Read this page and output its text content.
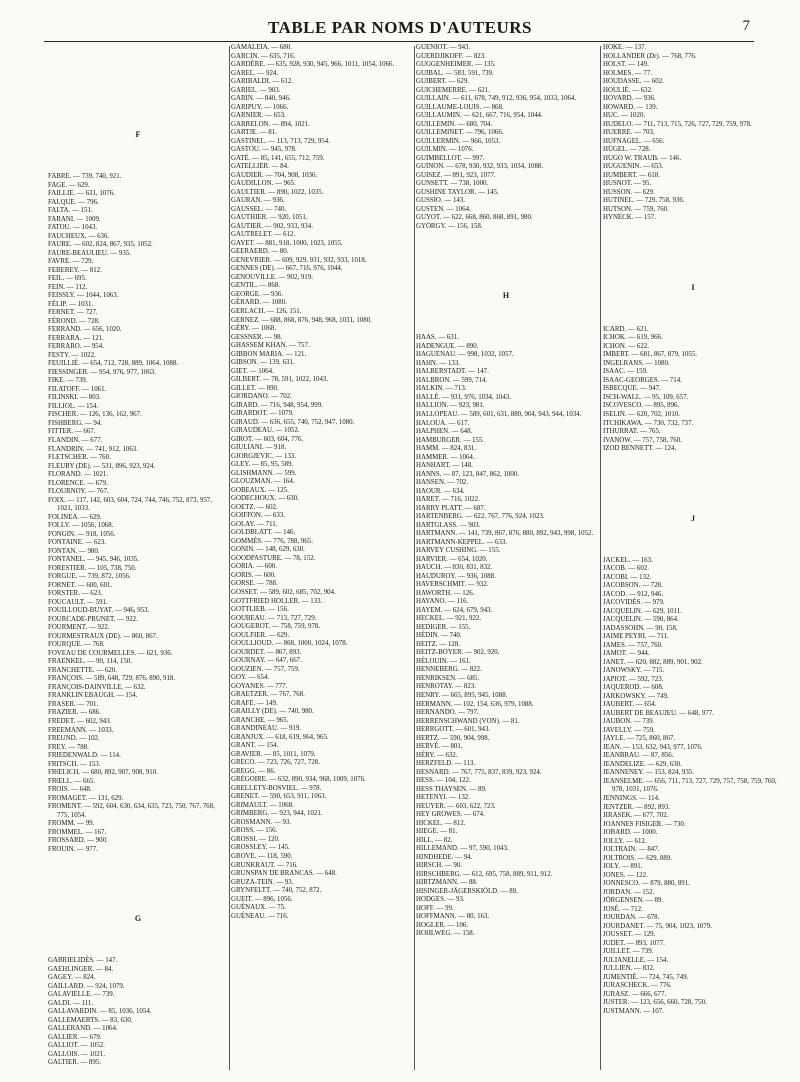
TABLE PAR NOMS D'AUTEURS	7
F
FABRE. — 739, 740, 921.
FAGE. — 629.
FAILLIE. — 631, 1076.
FALQUE. — 796.
FALTA. — 151.
FARANI. — 1009.
FATOU. — 1043.
FAUCHEUX. — 636.
FAURE. — 602, 824, 867, 935, 1052.
FAURE-BEAULIEU. — 935.
FAVRE. — 729.
FEBEREY. — 812.
FEIL. — 695.
FEIN. — 112.
FEISSLY. — 1044, 1063.
FÉLIP. — 1031.
FERNET. — 727.
FÉROND. — 728.
FERRAND. — 656, 1020.
FERRARA. — 121.
FERRARO. — 954.
FESTY. — 1022.
FEUILLIÉ. — 654, 712, 728, 889, 1064, 1088.
FIESSINGER. — 954, 976, 977, 1063.
FIKE. — 739.
FILATOFF. — 1061.
FILINSKI. — 803.
FILLIOL. — 154.
FISCHER. — 126, 136, 162, 967.
FISHBERG. — 94.
FITTER. — 667.
FLANDIN. — 677.
FLANDRIN. — 741, 912, 1063.
FLETSCHER. — 760.
FLEURY (DE). — 531, 896, 923, 924.
FLORAND. — 1021.
FLORENCE. — 679.
FLOURNOY. — 767.
FOIX. — 117, 142, 603, 604, 724, 744, 746, 752, 873, 957, 1021, 1033.
FOLINEA. — 629.
FOLLY. — 1056, 1068.
FONGIN. — 918, 1056.
FONTAINE. — 623.
FONTAN. — 980.
FONTANEL. — 945, 946, 1035.
FORESTIER. — 105, 738, 750.
FORGUE. — 739, 872, 1056.
FORNET. — 600, 601.
FORSTER. — 623.
FOUCAULT. — 591.
FOUILLOUD-BUYAT. — 946, 953.
FOURCADE-PRUNET. — 922.
FOURMENT. — 922.
FOURMESTRAUX (DE). — 860, 867.
FOURQUE. — 768.
FOVEAU DE COURMELLES. — 621, 936.
FRAENKEL. — 90, 114, 150.
FRANCHETTE. — 620.
FRANÇOIS. — 589, 648, 729, 876, 890, 918.
FRANÇOIS-DAINVILLE. — 632.
FRANKLIN EBAUGH. — 154.
FRASER. — 701.
FRAZIER. — 686.
FREDET. — 602, 943.
FREEMANN. — 1033.
FREUND. — 102.
FREY. — 788.
FRIEDENWALD. — 114.
FRITSCH. — 153.
FRŒLICH. — 680, 892, 907, 908, 910.
FRŒLL. — 665.
FROIS. — 648.
FROMAGET. — 131, 629.
FROMENT. — 592, 604, 630, 634, 635, 723, 750, 767, 768, 775, 1054.
FROMM. — 99.
FROMMEL. — 167.
FROSSARD. — 900.
FROUIN. — 977.
G
GABRIELIDÈS. — 147.
GAEHLINGER. — 84.
GAGEY. — 824.
GAILLARD. — 924, 1079.
GALAVIELLE. — 739.
GALDI. — 111.
GALLAVARDIN. — 85, 1036, 1054.
GALLEMAERTS. — 83, 630.
GALLERAND. — 1064.
GALLIER. — 679.
GALLIOT. — 1052.
GALLOIS. — 1021.
GALTIER. — 895.
GAMALÉIA. — 680.
GARCIN. — 635, 716.
GARDÈRE. — 635, 928, 930, 945, 966, 1011, 1054, 1066.
GAREL. — 924.
GARIBALDI. — 612.
GARIEL. — 903.
GARIN. — 840, 946.
GARIPUY. — 1066.
GARNIER. — 653.
GARRELON. — 894, 1021.
GARTJE. — 81.
GASTINEL. — 113, 713, 729, 954.
GASTOU. — 945, 978.
GATÉ. — 85, 141, 655, 712, 759.
GATELLIER. — 84.
GAUDIER. — 704, 908, 1036.
GAUDILLON. — 965.
GAULTIER. — 890, 1022, 1035.
GAURAN. — 936.
GAUSSEL. — 740.
GAUTHIER. — 920, 1051.
GAUTIER. — 902, 933, 934.
GAUTRELET. — 612.
GAYET. — 881, 918, 1000, 1023, 1055.
GEERAERD. — 80.
GENEVRIER. — 609, 929, 931, 932, 933, 1018.
GENNES (DE). — 667, 716, 976, 1044.
GENOUVILLE. — 902, 919.
GENTIL. — 868.
GEORGE. — 936.
GÉRARD. — 1080.
GERLACH. — 126, 151.
GERNEZ. — 688, 868, 876, 948, 968, 1031, 1080.
GÉRY. — 1068.
GESSNER. — 98.
GHASSEM KHAN. — 757.
GIBBON MARIA. — 121.
GIBSON. — 139, 631.
GIET. — 1064.
GILBERT. — 78, 591, 1022, 1043.
GILLET. — 890.
GIORDANO. — 702.
GIRARD. — 716, 948, 954, 999.
GIRARDOT. — 1079.
GIRAUD. — 636, 655, 740, 752, 947, 1080.
GIRAUDEAU. — 1052.
GIROT. — 603, 604, 776.
GIULIANI. — 918.
GJORGJEVIC. — 133.
GLEY. — 85, 95, 589.
GLISHMANN. — 599.
GLOUZMAN. — 164.
GOBEAUX. — 125.
GODECHOUX. — 630.
GOETZ. — 602.
GOIFFON. — 633.
GOLAY. — 711.
GOLDBLATT. — 146.
GOMMÈS. — 776, 788, 965.
GONIN. — 148, 629, 630.
GOODPASTURE. — 78, 152.
GORIA. — 600.
GORIS. — 600.
GORSE. — 788.
GOSSET. — 589, 602, 685, 702, 904.
GOTTFRIED HOLLER. — 133.
GOTTLIEB. — 156.
GOUBEAU. — 713, 727, 729.
GOUGEROT. — 758, 759, 978.
GOULFIER. — 629.
GOULLIOUD. — 868, 1000, 1024, 1078.
GOURDET. — 867, 893.
GOURNAY. — 647, 667.
GOUZIEN. — 757, 759.
GOY. — 654.
GOYANES. — 777.
GRAETZER. — 767, 768.
GRAFE. — 149.
GRAILLY (DE). — 740, 980.
GRANCHE. — 965.
GRANDINEAU. — 919.
GRANJUX. — 618, 619, 964, 965.
GRANT. — 154.
GRAVIER. — 85, 1011, 1079.
GRECO. — 723, 726, 727, 728.
GREGG. — 86.
GRÉGOIRE. — 632, 890, 934, 968, 1009, 1076.
GRELLETY-BOSVIEL. — 978.
GRENET. — 590, 653, 911, 1063.
GRIMAULT. — 1068.
GRIMBERG. — 923, 944, 1021.
GROSMANN. — 93.
GROSS. — 156.
GROSSI. — 120.
GROSSLEY. — 145.
GROVE. — 118, 590.
GRUNKRAUT. — 716.
GRUNSPAN DE BRANCAS. — 648.
GRUZA-TEIN. — 93.
GRYNFELTT. — 740, 752, 872.
GUEIT. — 896, 1056.
GUÉNAUX. — 75.
GUÉNEAU. — 716.
GUÉNIOT. — 943.
GUERDJIKOFF. — 823.
GUGGENHEIMER. — 135.
GUIBAL. — 583, 591, 739.
GUIBERT. — 629.
GUICHEMERRE. — 621.
GUILLAIN. — 611, 678, 749, 912, 936, 954, 1033, 1064.
GUILLAUME-LOUIS. — 868.
GUILLAUMIN. — 621, 667, 716, 954, 1044.
GUILLEMIN. — 680, 704.
GUILLEMINET. — 796, 1066.
GUILLERMIN. — 966, 1053.
GUILMIN. — 1076.
GUIMBELLOT. — 997.
GUINON. — 678, 930, 932, 933, 1034, 1088.
GUISEZ. — 891, 923, 1077.
GUNSETT. — 738, 1000.
GUSHINE TAYLOR. — 145.
GUSSIO. — 143.
GUSTEN. — 1064.
GUYOT. — 622, 668, 860, 868, 891, 980.
GYÖRGY. — 156, 158.
H
HAAS. — 631.
HADENGUE. — 890.
HAGUENAU. — 998, 1032, 1057.
HAHN. — 133.
HALBERSTADT. — 147.
HALBRON. — 599, 714.
HALKIN. — 713.
HALLÉ. — 931, 976, 1034, 1043.
HALLION. — 923, 981.
HALLOPEAU. — 589, 601, 631, 880, 904, 943, 944, 1034.
HALOUA. — 617.
HALPHEN. — 648.
HAMBURGER. — 155.
HAMM. — 824, 831.
HAMMER. — 1064.
HANHART. — 148.
HANNS. — 87, 123, 847, 862, 1000.
HANSEN. — 702.
HAOUR. — 634.
HARET. — 716, 1022.
HARRY PLATT. — 687.
HARTENBERG. — 622, 767, 776, 924, 1023.
HARTGLASS. — 903.
HARTMANN. — 141, 739, 867, 876, 880, 892, 943, 998, 1052.
HARTMANN-KEPPEL. — 633.
HARVEY CUSHING. — 155.
HARVIER. — 654, 1020.
HAUCH. — 830, 831, 832.
HAUDUROY. — 936, 1088.
HAVERSCHMIT. — 932.
HAWORTH. — 126.
HAYANO. — 116.
HAYEM. — 624, 679, 943.
HECKEL. — 921, 922.
HEDIGER. — 155.
HÉDIN. — 740.
HEITZ. — 128.
HEITZ-BOYER. — 902, 920.
HÉLOUIN. — 161.
HENNEBERG. — 822.
HENRIKSEN. — 685.
HENROTAY. — 823.
HENRY. — 665, 895, 945, 1088.
HERMANN. — 102, 154, 636, 979, 1088.
HERNANDO. — 797.
HERRENSCHWAND (VON). — 81.
HERRGOTT. — 601, 943.
HERTZ. — 590, 904, 998.
HERVÉ. — 801.
HÉRY. — 632.
HERZFELD. — 113.
HESNARD. — 767, 775, 837, 839, 923, 924.
HESS. — 104, 122.
HESS THAYSEN. — 89.
HETENYI. — 132.
HEUYER. — 603, 622, 723.
HEY GROWES. — 674.
HICKEL. — 812.
HIEGE. — 81.
HILL. — 82.
HILLEMAND. — 97, 590, 1043.
HINDHEDE. — 94.
HIRSCH. — 90.
HIRSCHBERG. — 612, 695, 758, 889, 911, 912.
HIRTZMANN. — 88.
HISINGER-JÄGERSKIÖLD. — 89.
HODGES. — 93.
HOFF. — 99.
HOFFMANN. — 80, 163.
HOGLER. — 106.
HOHLWEG. — 158.
HOKE. — 137.
HOLLANDER (Dr). — 768, 776.
HOLST. — 149.
HOLMES. — 77.
HOUDASSE. — 602.
HOULIÉ. — 632.
HOVARD. — 936.
HOWARD. — 139.
HUC. — 1020.
HUDELO. — 711, 713, 715, 726, 727, 729, 759, 978.
HUERRE. — 703.
HUFNAGEL. — 656.
HÜGEL. — 728.
HUGO W. TRAUB. — 146.
HUGUENIN. — 653.
HUMBERT. — 618.
HUSNOT. — 95.
HUSSON. — 629.
HUTINEL. — 729, 758, 936.
HUTSON. — 759, 760.
HYNECK. — 157.
I
ICARD. — 621.
ICHOK. — 619, 966.
ICHON. — 622.
IMBERT. — 681, 867, 879, 1055.
INGELRANS. — 1080.
ISAAC. — 159.
ISAAC-GEORGES. — 714.
ISBECQUE. — 947.
ISCH-WALL. — 95, 109, 657.
ISCOVESCO. — 895, 896.
ISELIN. — 620, 702, 1010.
ITCHIKAWA. — 730, 732, 737.
ITHURRAT. — 765.
IVANOW. — 757, 758, 760.
IZOD BENNETT. — 124.
J
JACKEL. — 163.
JACOB. — 602.
JACOBI. — 132.
JACOBSON. — 728.
JACOD. — 912, 946.
JACOVIDÈS. — 979.
JACQUELIN. — 629, 1011.
JACQUELIN. — 590, 864.
JADASSOHN. — 90, 158.
JAIME PEYRI. — 711.
JAMES. — 757, 760.
JAMOT. — 944.
JANET. — 620, 882, 889, 901, 902.
JANOWSKY. — 715.
JAPIOT. — 592, 723.
JAQUEROD. — 608.
JARKOWSKY. — 749.
JAUBERT. — 654.
JAUBERT DE BEAUJEU. — 648, 977.
JAUBON. — 739.
JAVELLY. — 759.
JAYLE. — 725, 860, 867.
JEAN. — 153, 632, 943, 977, 1076.
JEANBRAU. — 87, 856.
JEANDELIZE. — 629, 630.
JEANNENEY. — 153, 824, 935.
JEANSELME. — 656, 711, 713, 727, 729, 757, 758, 759, 760, 978, 1031, 1076.
JENNINGS. — 114.
JENTZER. — 892, 893.
JIRASEK. — 677, 702.
JOANNES FISIGER. — 730.
JOBARD. — 1000.
JOLLY. — 612.
JOLTRAIN. — 847.
JOLTROIS. — 629, 889.
JOLY. — 891.
JONES. — 122.
JONNESCO. — 879, 880, 891.
JORDAN. — 152.
JÖRGENSEN. — 89.
JOSÉ. — 712.
JOURDAN. — 678.
JOURDANET. — 75, 904, 1023, 1079.
JOUSSET. — 129.
JUDET. — 893, 1077.
JUILLET. — 739.
JULIANELLE. — 154.
JULLIEN. — 832.
JUMENTIÉ. — 724, 745, 749.
JURASCHECK. — 776.
JURASZ. — 666, 677.
JUSTER. — 123, 656, 660, 728, 750.
JUSTMANN. — 107.
